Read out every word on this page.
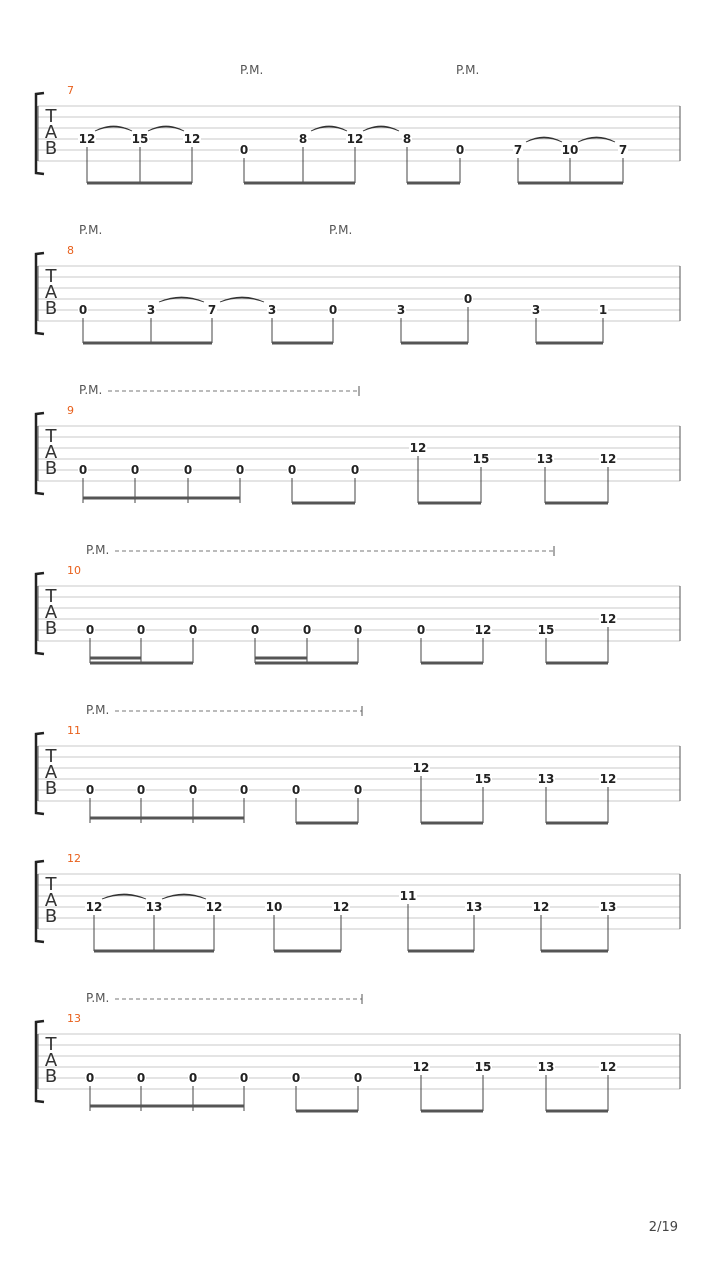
T
A
B
7
P.M.	P.M.
12	15	12
0
8	12	8
0	7	10	7
T
A
B
8
P.M.	P.M.
0	3	7	3	0	3
0
3	1
T
A
B
9
P.M.
0	0	0	0	0	0
12
15	13	12
T
A
B
10
P.M.
0	0	0	0	0	0	0	12	15
12
T
A
B
11
P.M.
0	0	0	0	0	0
12
15	13	12
T
A
B
12
12	13	12	10	12
11
13	12	13
T
A
B
13
P.M.
0	0	0	0	0	0
12	15	13	12
2/19
